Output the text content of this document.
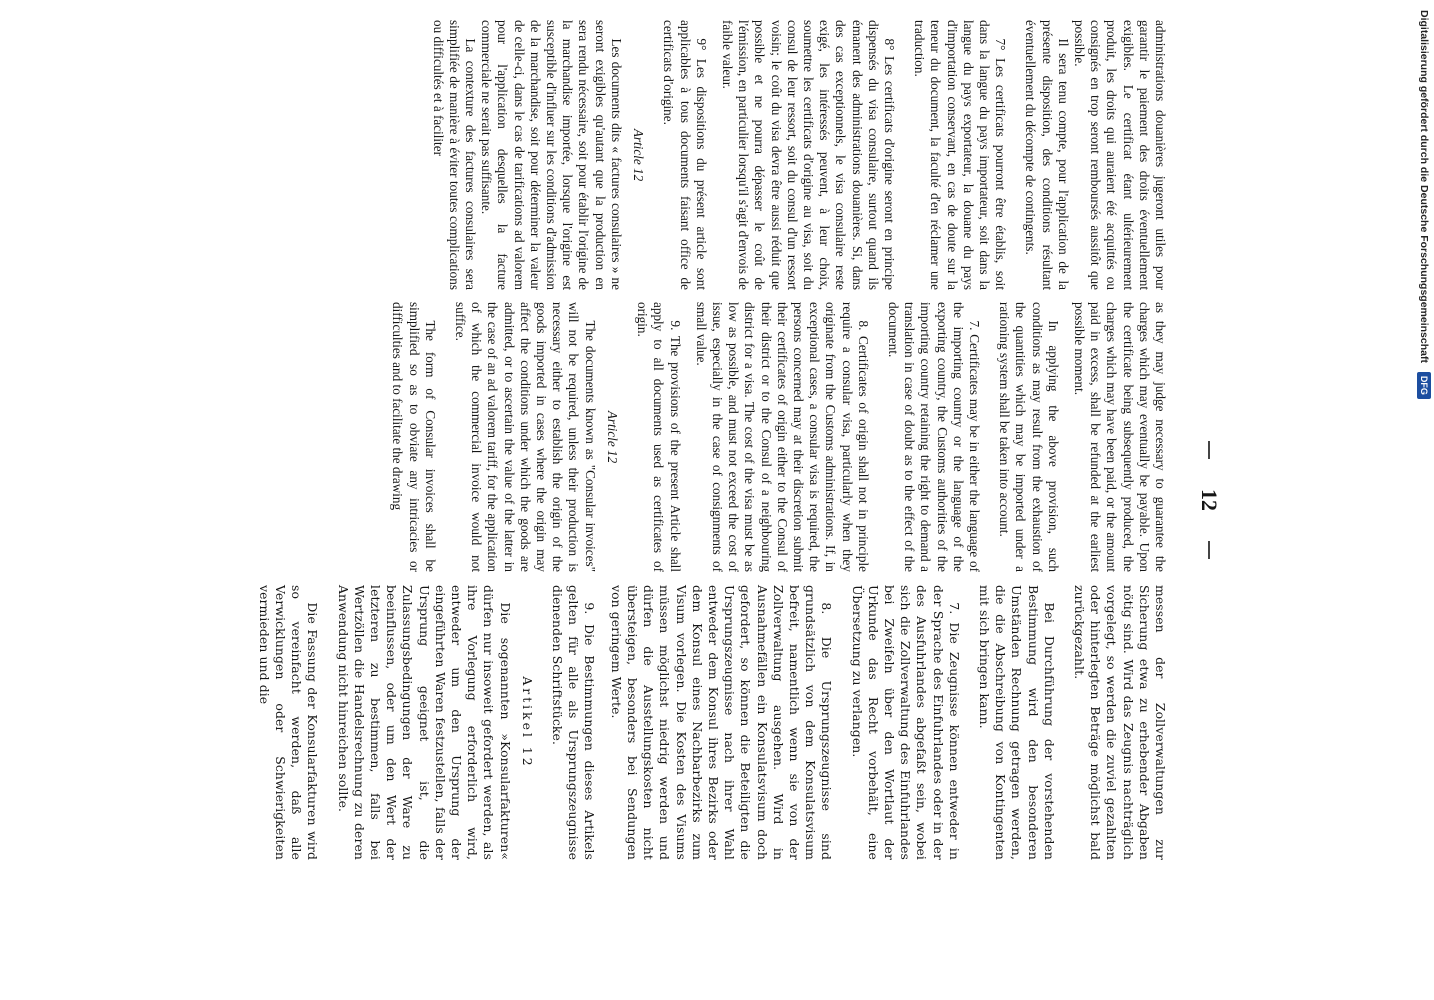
12

administrations douanières jugeront utiles pour garantir le paiement des droits éventuellement exigibles. Le certificat étant ultérieurement produit, les droits qui auraient été acquittés ou consignés en trop seront remboursés aussitôt que possible.

Il sera tenu compte, pour l'application de la présente disposition, des conditions résultant éventuellement du décompte de contingents.

7° Les certificats pourront être établis, soit dans la langue du pays importateur, soit dans la langue du pays exportateur, la douane du pays d'importation conservant, en cas de doute sur la teneur du document, la faculté d'en réclamer une traduction.

8° Les certificats d'origine seront en principe dispensés du visa consulaire, surtout quand ils émanent des administrations douanières. Si, dans des cas exceptionnels, le visa consulaire reste exigé, les intéressés peuvent, à leur choix, soumettre les certificats d'origine au visa, soit du consul de leur ressort, soit du consul d'un ressort voisin; le coût du visa devra être aussi réduit que possible et ne pourra dépasser le coût de l'émission, en particulier lorsqu'il s'agit d'envois de faible valeur.

9° Les dispositions du présent article sont applicables à tous documents faisant office de certificats d'origine.

Article 12

Les documents dits « factures consulaires » ne seront exigibles qu'autant que la production en sera rendu nécessaire, soit pour établir l'origine de la marchandise importée, lorsque l'origine est susceptible d'influer sur les conditions d'admission de la marchandise, soit pour déterminer la valeur de celle-ci, dans le cas de tarifications ad valorem pour l'application desquelles la facture commerciale ne serait pas suffisante.

La contexture des factures consulaires sera simplifiée de manière à éviter toutes complications ou difficultés et à faciliter

as they may judge necessary to guarantee the charges which may eventually be payable. Upon the certificate being subsequently produced, the charges which may have been paid, or the amount paid in excess, shall be refunded at the earliest possible moment.

In applying the above provision, such conditions as may result from the exhaustion of the quantities which may be imported under a rationing system shall be taken into account.

7. Certificates may be in either the language of the importing country or the language of the exporting country, the Customs authorities of the importing country retaining the right to demand a translation in case of doubt as to the effect of the document.

8. Certificates of origin shall not in principle require a consular visa, particularly when they originate from the Customs administrations. If, in exceptional cases, a consular visa is required, the persons concerned may at their discretion submit their certificates of origin either to the Consul of their district or to the Consul of a neighbouring district for a visa. The cost of the visa must be as low as possible, and must not exceed the cost of issue, especially in the case of consignments of small value.

9. The provisions of the present Article shall apply to all documents used as certificates of origin.

Article 12

The documents known as "Consular invoices" will not be required, unless their production is necessary either to establish the origin of the goods imported in cases where the origin may affect the conditions under which the goods are admitted, or to ascertain the value of the latter in the case of an ad valorem tariff, for the application of which the commercial invoice would not suffice.

The form of Consular invoices shall be simplified so as to obviate any intricacies or difficulties and to facilitate the drawing

messen der Zollverwaltungen zur Sicherung etwa zu erhebender Abgaben nötig sind. Wird das Zeugnis nachträglich vorgelegt, so werden die zuviel gezahlten oder hinterlegten Beträge möglichst bald zurückgezahlt.

Bei Durchführung der vorstehenden Bestimmung wird den besonderen Umständen Rechnung getragen werden, die die Abschreibung von Kontingenten mit sich bringen kann.

7. Die Zeugnisse können entweder in der Sprache des Einfuhrlandes oder in der des Ausfuhrlandes abgefaßt sein, wobei sich die Zollverwaltung des Einfuhrlandes bei Zweifeln über den Wortlaut der Urkunde das Recht vorbehält, eine Übersetzung zu verlangen.

8. Die Ursprungszeugnisse sind grundsätzlich von dem Konsulatsvisum befreit, namentlich wenn sie von der Zollverwaltung ausgehen. Wird in Ausnahmefällen ein Konsulatsvisum doch gefordert, so können die Beteiligten die Ursprungszeugnisse nach ihrer Wahl entweder dem Konsul ihres Bezirks oder dem Konsul eines Nachbarbezirks zum Visum vorlegen. Die Kosten des Visums müssen möglichst niedrig werden und dürfen die Ausstellungskosten nicht übersteigen, besonders bei Sendungen von geringem Werte.

9. Die Bestimmungen dieses Artikels gelten für alle als Ursprungszeugnisse dienenden Schriftstücke.

Artikel 12

Die sogenannten »Konsularfakturen« dürfen nur insoweit gefordert werden, als ihre Vorlegung erforderlich wird, entweder um den Ursprung der eingeführten Waren festzustellen, falls der Ursprung geeignet ist, die Zulassungsbedingungen der Ware zu beeinflussen, oder um den Wert der letzteren zu bestimmen, falls bei Wertzöllen die Handelsrechnung zu deren Anwendung nicht hinreichen sollte.

Die Fassung der Konsularfakturen wird so vereinfacht werden, daß alle Verwicklungen oder Schwierigkeiten vermieden und die

Digitalisierung gefördert durch die Deutsche Forschungsgemeinschaft DFG
